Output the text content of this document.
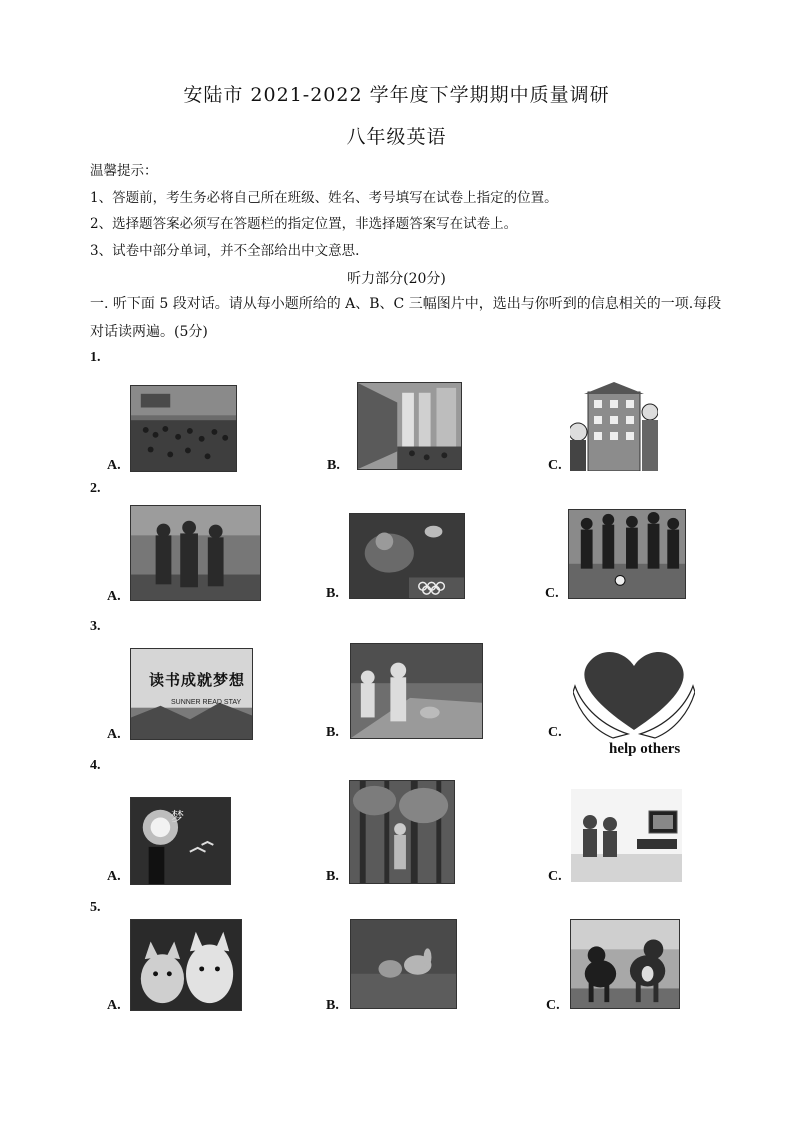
安陆市 2021-2022 学年度下学期期中质量调研
八年级英语
温馨提示：
1、答题前，考生务必将自己所在班级、姓名、考号填写在试卷上指定的位置。
2、选择题答案必须写在答题栏的指定位置，非选择题答案写在试卷上。
3、试卷中部分单词，并不全部给出中文意思.
听力部分(20分)
一. 听下面 5 段对话。请从每小题所给的 A、B、C 三幅图片中，选出与你听到的信息相关的一项.每段
对话读两遍。(5分)
1.
A.	B.	C.
2.
A.	B.	C.
3.
A.
读书成就梦想
SUNNER READ STAY
B.	C.
help others
4.
A.
梦
B.	C.
5.
A.	B.	C.
